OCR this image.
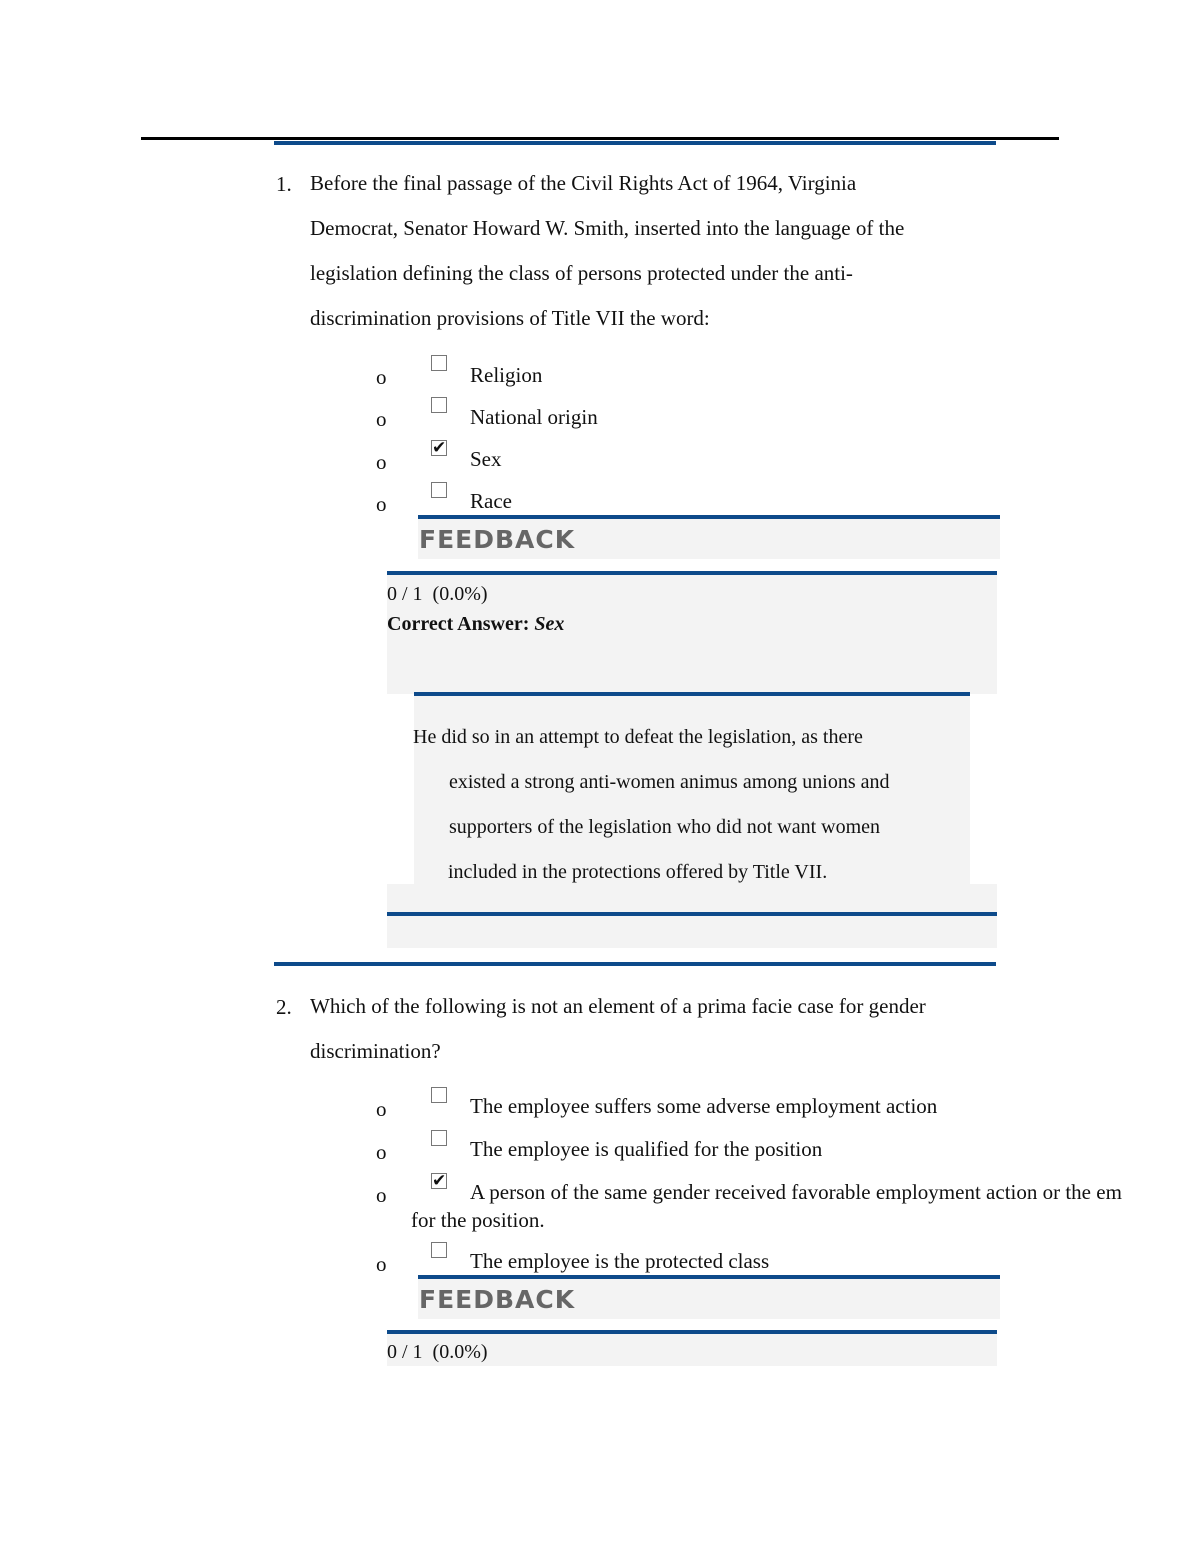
1. Before the final passage of the Civil Rights Act of 1964, Virginia
Democrat, Senator Howard W. Smith, inserted into the language of the
legislation defining the class of persons protected under the anti-
discrimination provisions of Title VII the word:
o	Religion
o	National origin
o
✔ Sex
o	Race
FEEDBACK
0 / 1  (0.0%)
Correct Answer: Sex
He did so in an attempt to defeat the legislation, as there
existed a strong anti-women animus among unions and
supporters of the legislation who did not want women
included in the protections offered by Title VII.
2. Which of the following is not an element of a prima facie case for gender
discrimination?
o	The employee suffers some adverse employment action
o	The employee is qualified for the position
o
✔ A person of the same gender received favorable employment action or the em
for the position.
o	The employee is the protected class
FEEDBACK
0 / 1  (0.0%)
